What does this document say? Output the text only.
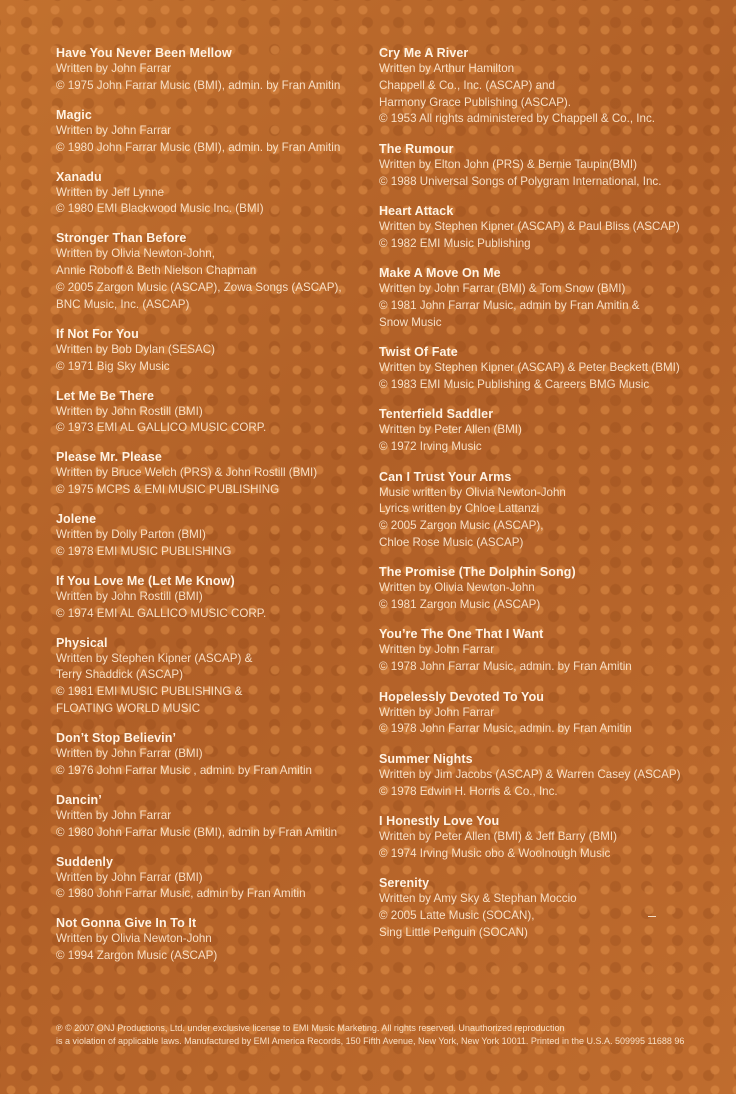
Have You Never Been Mellow
Written by John Farrar
© 1975 John Farrar Music (BMI), admin. by Fran Amitin
Magic
Written by John Farrar
© 1980 John Farrar Music (BMI), admin. by Fran Amitin
Xanadu
Written by Jeff Lynne
© 1980 EMI Blackwood Music Inc. (BMI)
Stronger Than Before
Written by Olivia Newton-John,
Annie Roboff & Beth Nielson Chapman
© 2005 Zargon Music (ASCAP), Zowa Songs (ASCAP),
BNC Music, Inc. (ASCAP)
If Not For You
Written by Bob Dylan (SESAC)
© 1971 Big Sky Music
Let Me Be There
Written by John Rostill (BMI)
© 1973 EMI AL GALLICO MUSIC CORP.
Please Mr. Please
Written by Bruce Welch (PRS) & John Rostill (BMI)
© 1975 MCPS & EMI MUSIC PUBLISHING
Jolene
Written by Dolly Parton (BMI)
© 1978 EMI MUSIC PUBLISHING
If You Love Me (Let Me Know)
Written by John Rostill (BMI)
© 1974 EMI AL GALLICO MUSIC CORP.
Physical
Written by Stephen Kipner (ASCAP) &
Terry Shaddick (ASCAP)
© 1981 EMI MUSIC PUBLISHING &
FLOATING WORLD MUSIC
Don’t Stop Believin’
Written by John Farrar (BMI)
© 1976 John Farrar Music , admin. by Fran Amitin
Dancin’
Written by John Farrar
© 1980 John Farrar Music (BMI), admin by Fran Amitin
Suddenly
Written by John Farrar (BMI)
© 1980 John Farrar Music, admin by Fran Amitin
Not Gonna Give In To It
Written by Olivia Newton-John
© 1994 Zargon Music (ASCAP)
Cry Me A River
Written by Arthur Hamilton
Chappell & Co., Inc. (ASCAP) and
Harmony Grace Publishing (ASCAP).
© 1953 All rights administered by Chappell & Co., Inc.
The Rumour
Written by Elton John (PRS) & Bernie Taupin(BMI)
© 1988 Universal Songs of Polygram International, Inc.
Heart Attack
Written by Stephen Kipner (ASCAP) & Paul Bliss (ASCAP)
© 1982 EMI Music Publishing
Make A Move On Me
Written by John Farrar (BMI) & Tom Snow (BMI)
© 1981 John Farrar Music, admin by Fran Amitin &
Snow Music
Twist Of Fate
Written by Stephen Kipner (ASCAP) & Peter Beckett (BMI)
© 1983 EMI Music Publishing & Careers BMG Music
Tenterfield Saddler
Written by Peter Allen (BMI)
© 1972 Irving Music
Can I Trust Your Arms
Music written by Olivia Newton-John
Lyrics written by Chloe Lattanzi
© 2005 Zargon Music (ASCAP),
Chloe Rose Music (ASCAP)
The Promise (The Dolphin Song)
Written by Olivia Newton-John
© 1981 Zargon Music (ASCAP)
You’re The One That I Want
Written by John Farrar
© 1978 John Farrar Music, admin. by Fran Amitin
Hopelessly Devoted To You
Written by John Farrar
© 1978 John Farrar Music, admin. by Fran Amitin
Summer Nights
Written by Jim Jacobs (ASCAP) & Warren Casey (ASCAP)
© 1978 Edwin H. Horris & Co., Inc.
I Honestly Love You
Written by Peter Allen (BMI) & Jeff Barry (BMI)
© 1974 Irving Music obo & Woolnough Music
Serenity
Written by Amy Sky & Stephan Moccio
© 2005 Latte Music (SOCAN),
Sing Little Penguin (SOCAN)
℗ © 2007 ONJ Productions, Ltd. under exclusive license to EMI Music Marketing. All rights reserved. Unauthorized reproduction
is a violation of applicable laws. Manufactured by EMI America Records, 150 Fifth Avenue, New York, New York 10011. Printed in the U.S.A. 509995 11688 96
